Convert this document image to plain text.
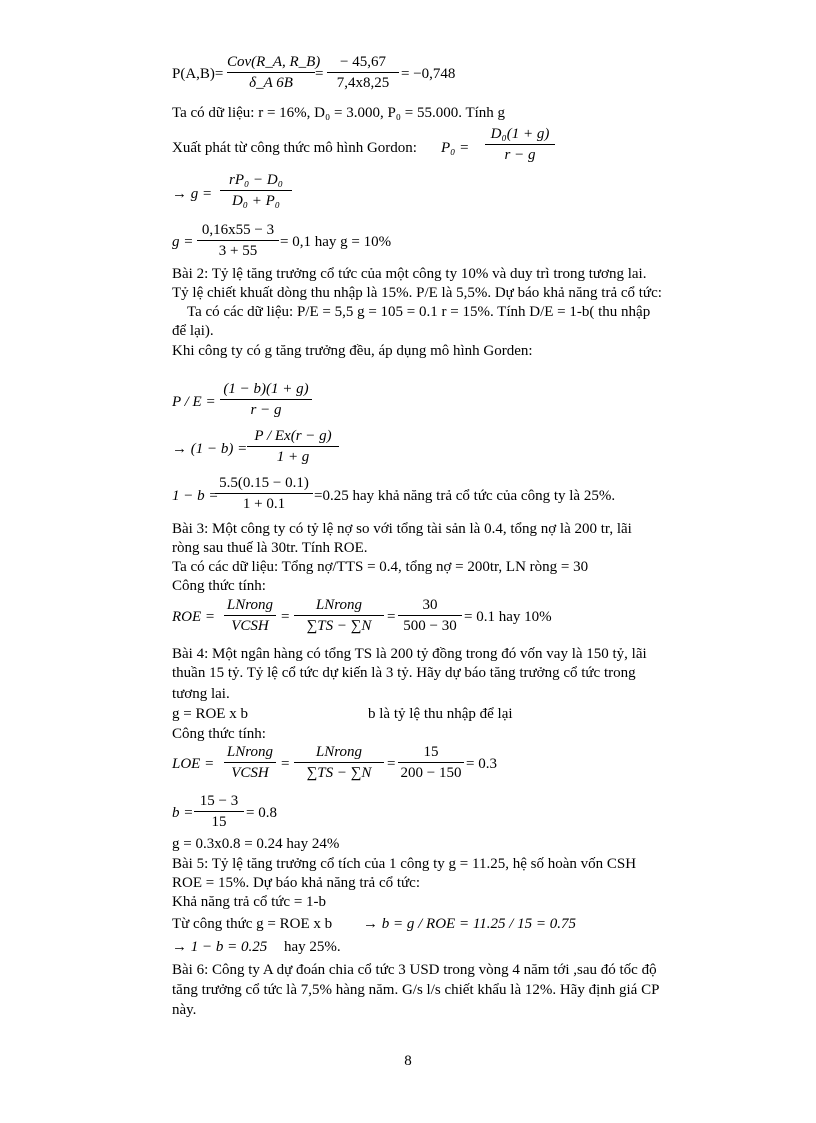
P(A,B)=
Cov(R_A, R_B)
δ_A 6B
=
− 45,67
7,4x8,25
= −0,748
Ta có dữ liệu: r = 16%, D₀ = 3.000, P₀ = 55.000. Tính g
Xuất phát từ công thức mô hình Gordon: P₀ =
D₀(1 + g)
r − g
→ g =
rP₀ − D₀
D₀ + P₀
g =
0,16x55 − 3
3 + 55
= 0,1 hay g = 10%
Bài 2: Tỷ lệ tăng trưởng cổ tức của một công ty 10% và duy trì trong tương lai.
Tỷ lệ chiết khuất dòng thu nhập là 15%. P/E là 5,5%. Dự báo khả năng trả cổ tức:
Ta có các dữ liệu: P/E = 5,5 g = 105 = 0.1 r = 15%. Tính D/E = 1-b( thu nhập
để lại).
Khi công ty có g tăng trưởng đều, áp dụng mô hình Gorden:
P / E =
(1 − b)(1 + g)
r − g
→ (1 − b) =
P / Ex(r − g)
1 + g
1 − b =
5.5(0.15 − 0.1)
1 + 0.1	=0.25 hay khả năng trả cổ tức của công ty là 25%.
Bài 3: Một công ty có tỷ lệ nợ so với tổng tài sản là 0.4, tổng nợ là 200 tr, lãi
ròng sau thuế là 30tr. Tính ROE.
Ta có các dữ liệu: Tổng nợ/TTS = 0.4, tổng nợ = 200tr, LN ròng = 30
Công thức tính:
ROE =
LNrong
VCSH
=
LNrong
∑TS − ∑N
=
30
500 − 30
= 0.1 hay 10%
Bài 4: Một ngân hàng có tổng TS là 200 tỷ đồng trong đó vốn vay là 150 tỷ, lãi
thuần 15 tỷ. Tỷ lệ cổ tức dự kiến là 3 tỷ. Hãy dự báo tăng trưởng cổ tức trong
tương lai.
g = ROE x b	b là tỷ lệ thu nhập để lại
Công thức tính:
LOE =
LNrong
VCSH
=
LNrong
∑TS − ∑N
=
15
200 − 150
= 0.3
b =
15 − 3
15
= 0.8
g = 0.3x0.8 = 0.24 hay 24%
Bài 5: Tỷ lệ tăng trưởng cổ tích của 1 công ty g = 11.25, hệ số hoàn vốn CSH
ROE = 15%. Dự báo khả năng trả cổ tức:
Khả năng trả cổ tức = 1-b
Từ công thức g = ROE x b → b = g / ROE = 11.25 / 15 = 0.75
→ 1 − b = 0.25 hay 25%.
Bài 6: Công ty A dự đoán chia cổ tức 3 USD trong vòng 4 năm tới ,sau đó tốc độ
tăng trưởng cổ tức là 7,5% hàng năm. G/s l/s chiết khẩu là 12%. Hãy định giá CP
này.
8
